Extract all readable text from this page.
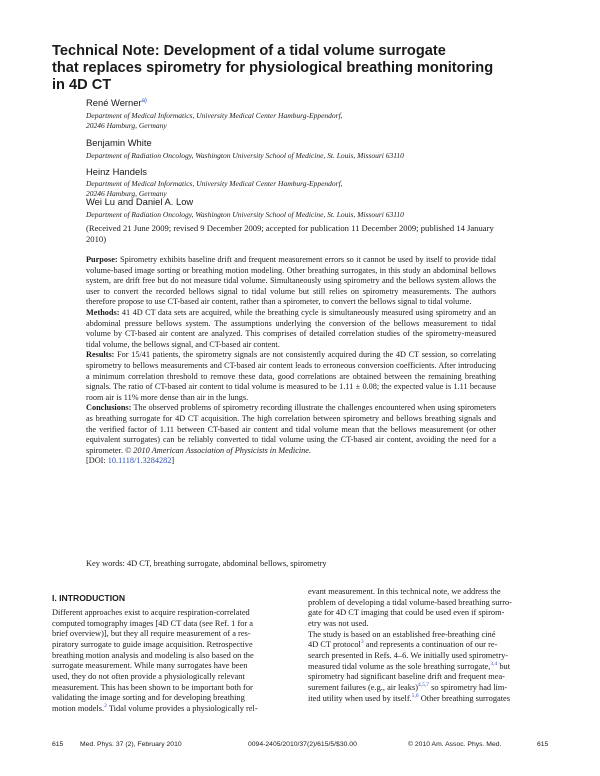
Technical Note: Development of a tidal volume surrogate
that replaces spirometry for physiological breathing monitoring
in 4D CT
René Werner$^{a)}$
Department of Medical Informatics, University Medical Center Hamburg-Eppendorf,
20246 Hamburg, Germany
Benjamin White
Department of Radiation Oncology, Washington University School of Medicine, St. Louis, Missouri 63110
Heinz Handels
Department of Medical Informatics, University Medical Center Hamburg-Eppendorf,
20246 Hamburg, Germany
Wei Lu and Daniel A. Low
Department of Radiation Oncology, Washington University School of Medicine, St. Louis, Missouri 63110
(Received 21 June 2009; revised 9 December 2009; accepted for publication 11 December 2009; published 14 January 2010)

Purpose: Spirometry exhibits baseline drift and frequent measurement errors so it cannot be used by itself to provide tidal volume-based image sorting or breathing motion modeling. Other breathing surrogates, in this study an abdominal bellows system, are drift free but do not measure tidal volume. Simultaneously using spirometry and the bellows system allows the user to convert the recorded bellows signal to tidal volume but still relies on spirometry measurements. The authors therefore propose to use CT-based air content, rather than a spirometer, to convert the bellows signal to tidal volume.

Methods: 41 4D CT data sets are acquired, while the breathing cycle is simultaneously measured using spirometry and an abdominal pressure bellows system. The assumptions underlying the conversion of the bellows measurement to tidal volume by CT-based air content are analyzed. This comprises of detailed correlation studies of the spirometry-measured tidal volume, the bellows signal, and CT-based air content.

Results: For 15/41 patients, the spirometry signals are not consistently acquired during the 4D CT session, so correlating spirometry to bellows measurements and CT-based air content leads to erroneous conversion coefficients. After introducing a minimum correlation threshold to remove these data, good correlations are obtained between the remaining breathing signals. The ratio of CT-based air content to tidal volume is measured to be 1.11 ± 0.08; the expected value is 1.11 because room air is 11% more dense than air in the lungs.

Conclusions: The observed problems of spirometry recording illustrate the challenges encountered when using spirometers as breathing surrogate for 4D CT acquisition. The high correlation between spirometry and bellows breathing signals and the verified factor of 1.11 between CT-based air content and tidal volume mean that the bellows measurement (or other equivalent surrogates) can be reliably converted to tidal volume using the CT-based air content, avoiding the need for a spirometer. © 2010 American Association of Physicists in Medicine.

[DOI: 10.1118/1.3284282]

Key words: 4D CT, breathing surrogate, abdominal bellows, spirometry
I. INTRODUCTION
Different approaches exist to acquire respiration-correlated
computed tomography images [4D CT data (see Ref. 1 for a
brief overview)], but they all require measurement of a res-
piratory surrogate to guide image acquisition. Retrospective
breathing motion analysis and modeling is also based on the
surrogate measurement. While many surrogates have been
used, they do not often provide a physiologically relevant
measurement. This has been shown to be important both for
validating the image sorting and for developing breathing
motion models.$^2$ Tidal volume provides a physiologically rel-
evant measurement. In this technical note, we address the
problem of developing a tidal volume-based breathing surro-
gate for 4D CT imaging that could be used even if spirom-
etry was not used.
The study is based on an established free-breathing ciné
4D CT protocol$^3$ and represents a continuation of our re-
search presented in Refs. 4–6. We initially used spirometry-
measured tidal volume as the sole breathing surrogate,$^{3,4}$ but
spirometry had significant baseline drift and frequent mea-
surement failures (e.g., air leaks)$^{4,5,7}$ so spirometry had lim-
ited utility when used by itself.$^{5,6}$ Other breathing surrogates
615 Med. Phys. 37 (2), February 2010	0094-2405/2010/37(2)/615/5/$30.00	© 2010 Am. Assoc. Phys. Med.	615
